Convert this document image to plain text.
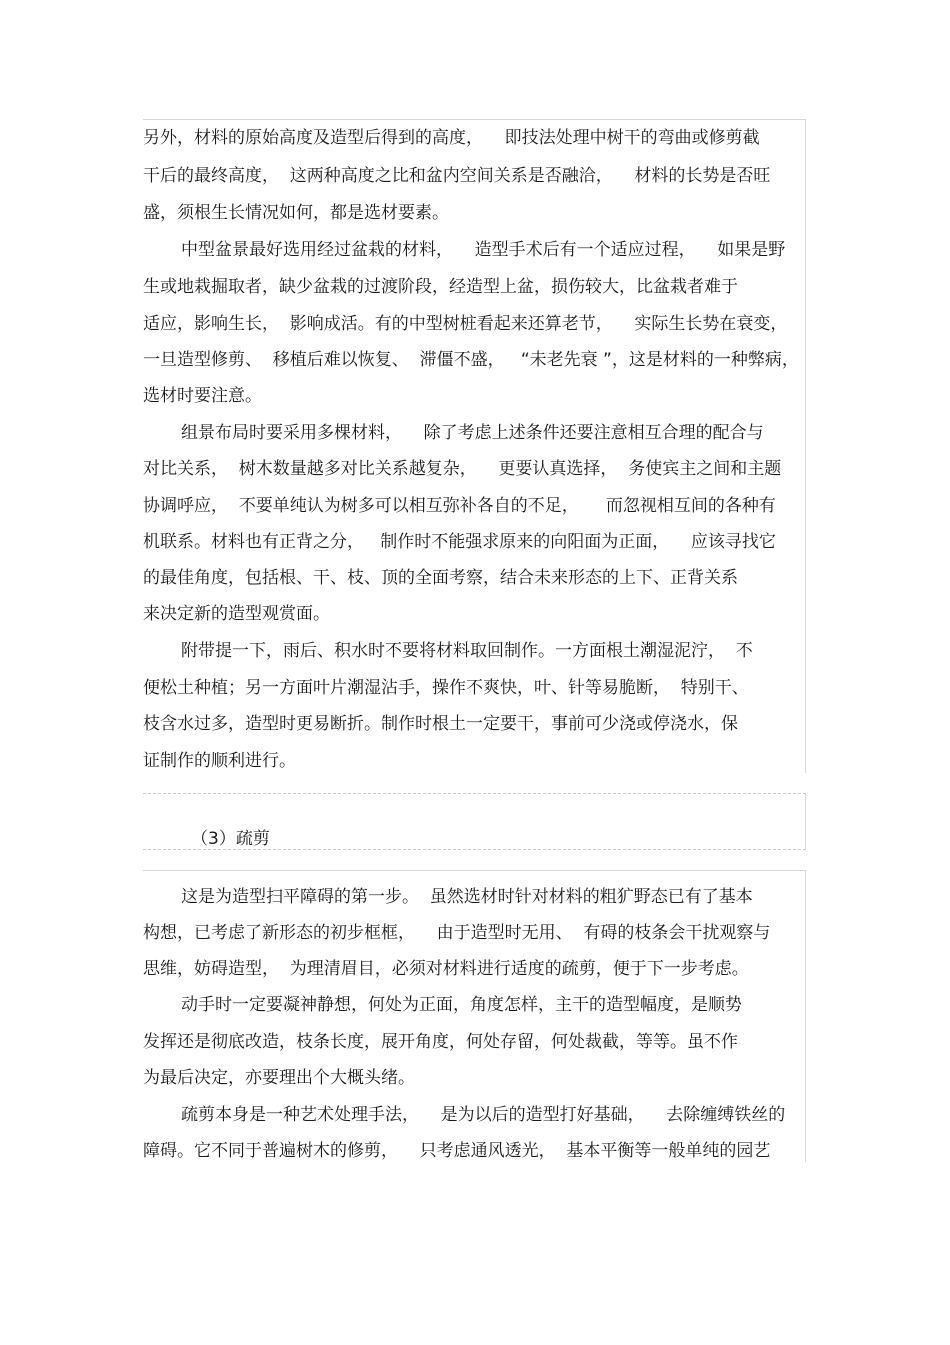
另外，材料的原始高度及造型后得到的高度，    即技法处理中树干的弯曲或修剪截

干后的最终高度，  这两种高度之比和盆内空间关系是否融洽，    材料的长势是否旺

盛，须根生长情况如何，都是选材要素。

中型盆景最好选用经过盆栽的材料，    造型手术后有一个适应过程，    如果是野

生或地栽掘取者，缺少盆栽的过渡阶段，经造型上盆，损伤较大，比盆栽者难于

适应，影响生长，  影响成活。有的中型树桩看起来还算老节，    实际生长势在衰变，

一旦造型修剪、  移植后难以恢复、  滞僵不盛，   “未老先衰 ”，这是材料的一种弊病，

选材时要注意。

组景布局时要采用多棵材料，    除了考虑上述条件还要注意相互合理的配合与

对比关系，  树木数量越多对比关系越复杂，    更要认真选择，  务使宾主之间和主题

协调呼应，  不要单纯认为树多可以相互弥补各自的不足，     而忽视相互间的各种有

机联系。材料也有正背之分，   制作时不能强求原来的向阳面为正面，    应该寻找它

的最佳角度，包括根、干、枝、顶的全面考察，结合未来形态的上下、正背关系

来决定新的造型观赏面。

附带提一下，雨后、积水时不要将材料取回制作。一方面根土潮湿泥泞，  不

便松土种植；另一方面叶片潮湿沾手，操作不爽快，叶、针等易脆断，  特别干、

枝含水过多，造型时更易断折。制作时根土一定要干，事前可少浇或停浇水，保

证制作的顺利进行。

（3）疏剪

这是为造型扫平障碍的第一步。  虽然选材时针对材料的粗犷野态已有了基本

构想，已考虑了新形态的初步框框，    由于造型时无用、  有碍的枝条会干扰观察与

思维，妨碍造型，  为理清眉目，必须对材料进行适度的疏剪，便于下一步考虑。

动手时一定要凝神静想，何处为正面，角度怎样，主干的造型幅度，是顺势

发挥还是彻底改造，枝条长度，展开角度，何处存留，何处裁截，等等。虽不作

为最后决定，亦要理出个大概头绪。

疏剪本身是一种艺术处理手法，    是为以后的造型打好基础，    去除缠缚铁丝的

障碍。它不同于普遍树木的修剪，    只考虑通风透光，  基本平衡等一般单纯的园艺
